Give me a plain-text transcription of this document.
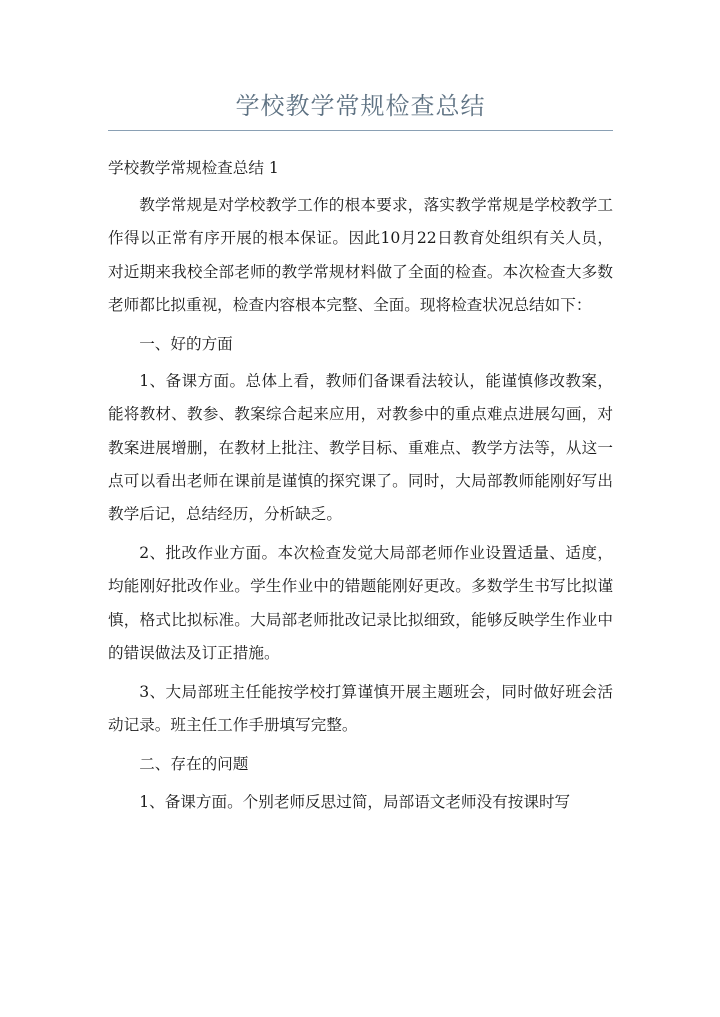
学校教学常规检查总结

学校教学常规检查总结 1

教学常规是对学校教学工作的根本要求，落实教学常规是学校教学工作得以正常有序开展的根本保证。因此10月22日教育处组织有关人员，对近期来我校全部老师的教学常规材料做了全面的检查。本次检查大多数老师都比拟重视，检查内容根本完整、全面。现将检查状况总结如下：

一、好的方面

1、备课方面。总体上看，教师们备课看法较认，能谨慎修改教案，能将教材、教参、教案综合起来应用，对教参中的重点难点进展勾画，对教案进展增删，在教材上批注、教学目标、重难点、教学方法等，从这一点可以看出老师在课前是谨慎的探究课了。同时，大局部教师能刚好写出教学后记，总结经历，分析缺乏。

2、批改作业方面。本次检查发觉大局部老师作业设置适量、适度，均能刚好批改作业。学生作业中的错题能刚好更改。多数学生书写比拟谨慎，格式比拟标准。大局部老师批改记录比拟细致，能够反映学生作业中的错误做法及订正措施。

3、大局部班主任能按学校打算谨慎开展主题班会，同时做好班会活动记录。班主任工作手册填写完整。

二、存在的问题

1、备课方面。个别老师反思过简，局部语文老师没有按课时写
